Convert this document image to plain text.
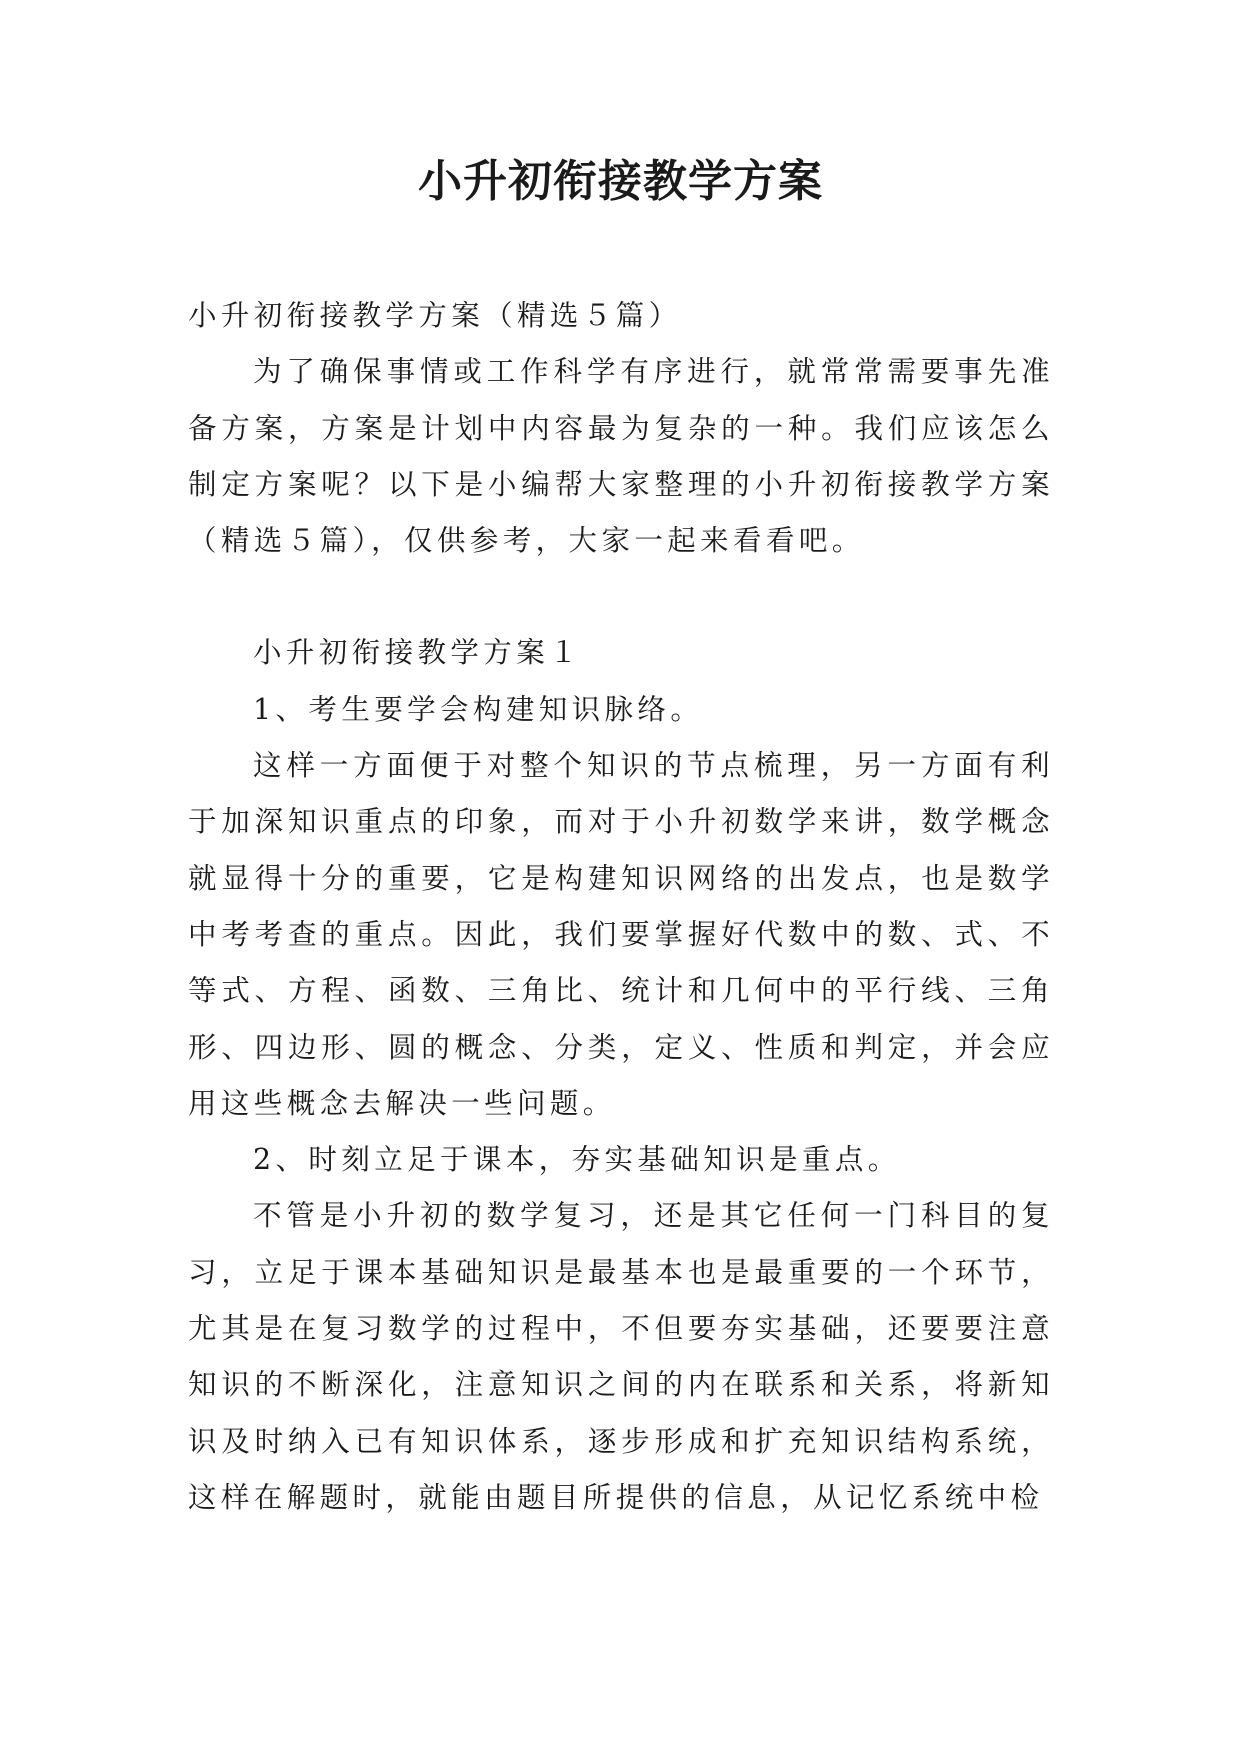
小升初衔接教学方案

小升初衔接教学方案（精选５篇）

为了确保事情或工作科学有序进行，就常常需要事先准备方案，方案是计划中内容最为复杂的一种。我们应该怎么制定方案呢？以下是小编帮大家整理的小升初衔接教学方案（精选５篇），仅供参考，大家一起来看看吧。

小升初衔接教学方案１

1、考生要学会构建知识脉络。

这样一方面便于对整个知识的节点梳理，另一方面有利于加深知识重点的印象，而对于小升初数学来讲，数学概念就显得十分的重要，它是构建知识网络的出发点，也是数学中考考查的重点。因此，我们要掌握好代数中的数、式、不等式、方程、函数、三角比、统计和几何中的平行线、三角形、四边形、圆的概念、分类，定义、性质和判定，并会应用这些概念去解决一些问题。

2、时刻立足于课本，夯实基础知识是重点。

不管是小升初的数学复习，还是其它任何一门科目的复习，立足于课本基础知识是最基本也是最重要的一个环节，尤其是在复习数学的过程中，不但要夯实基础，还要要注意知识的不断深化，注意知识之间的内在联系和关系，将新知识及时纳入已有知识体系，逐步形成和扩充知识结构系统，这样在解题时，就能由题目所提供的信息，从记忆系统中检
